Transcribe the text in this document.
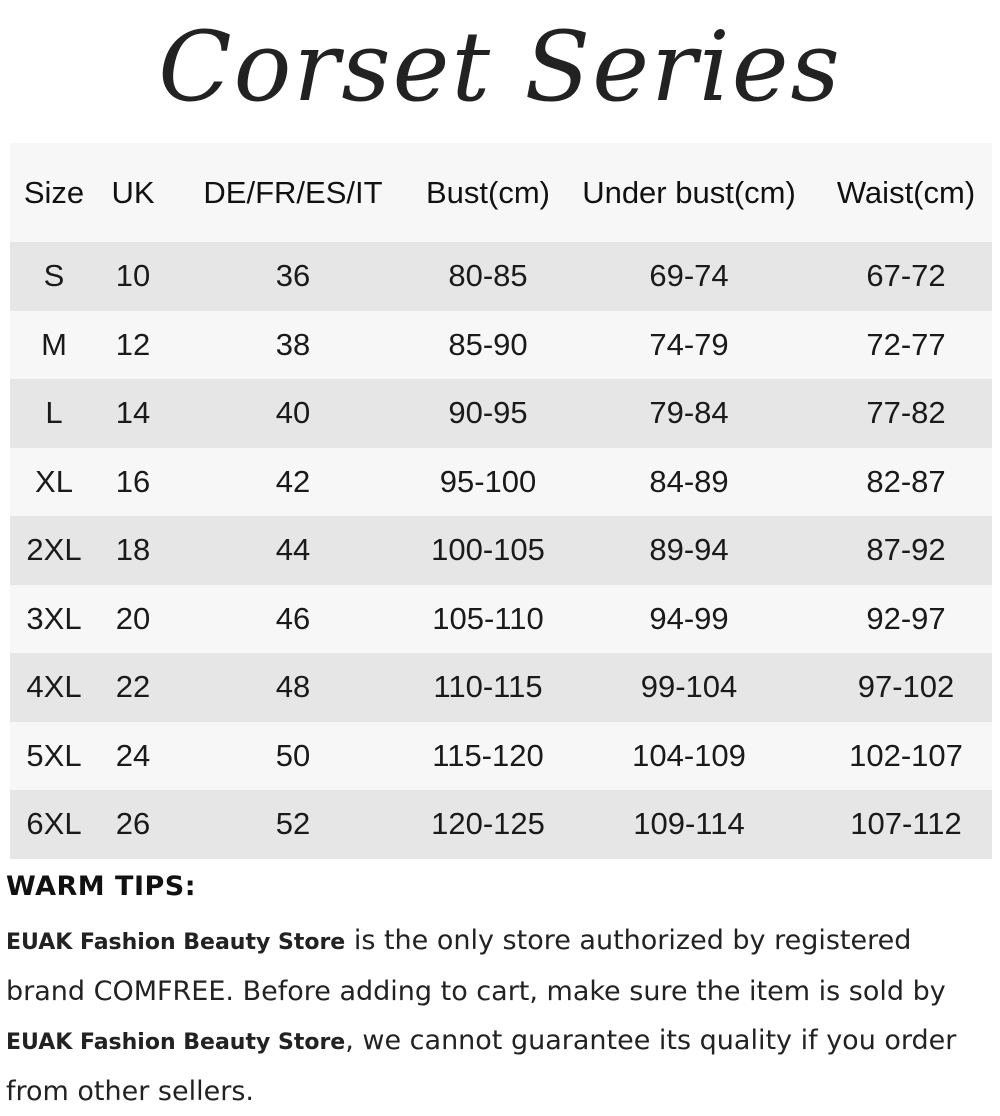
Corset Series
Size	UK	DE/FR/ES/IT	Bust(cm)	Under bust(cm)	Waist(cm)
S	10	36	80-85	69-74	67-72
M	12	38	85-90	74-79	72-77
L	14	40	90-95	79-84	77-82
XL	16	42	95-100	84-89	82-87
2XL	18	44	100-105	89-94	87-92
3XL	20	46	105-110	94-99	92-97
4XL	22	48	110-115	99-104	97-102
5XL	24	50	115-120	104-109	102-107
6XL	26	52	120-125	109-114	107-112

WARM TIPS:

EUAK Fashion Beauty Store is the only store authorized by registered brand COMFREE. Before adding to cart, make sure the item is sold by EUAK Fashion Beauty Store, we cannot guarantee its quality if you order from other sellers.
